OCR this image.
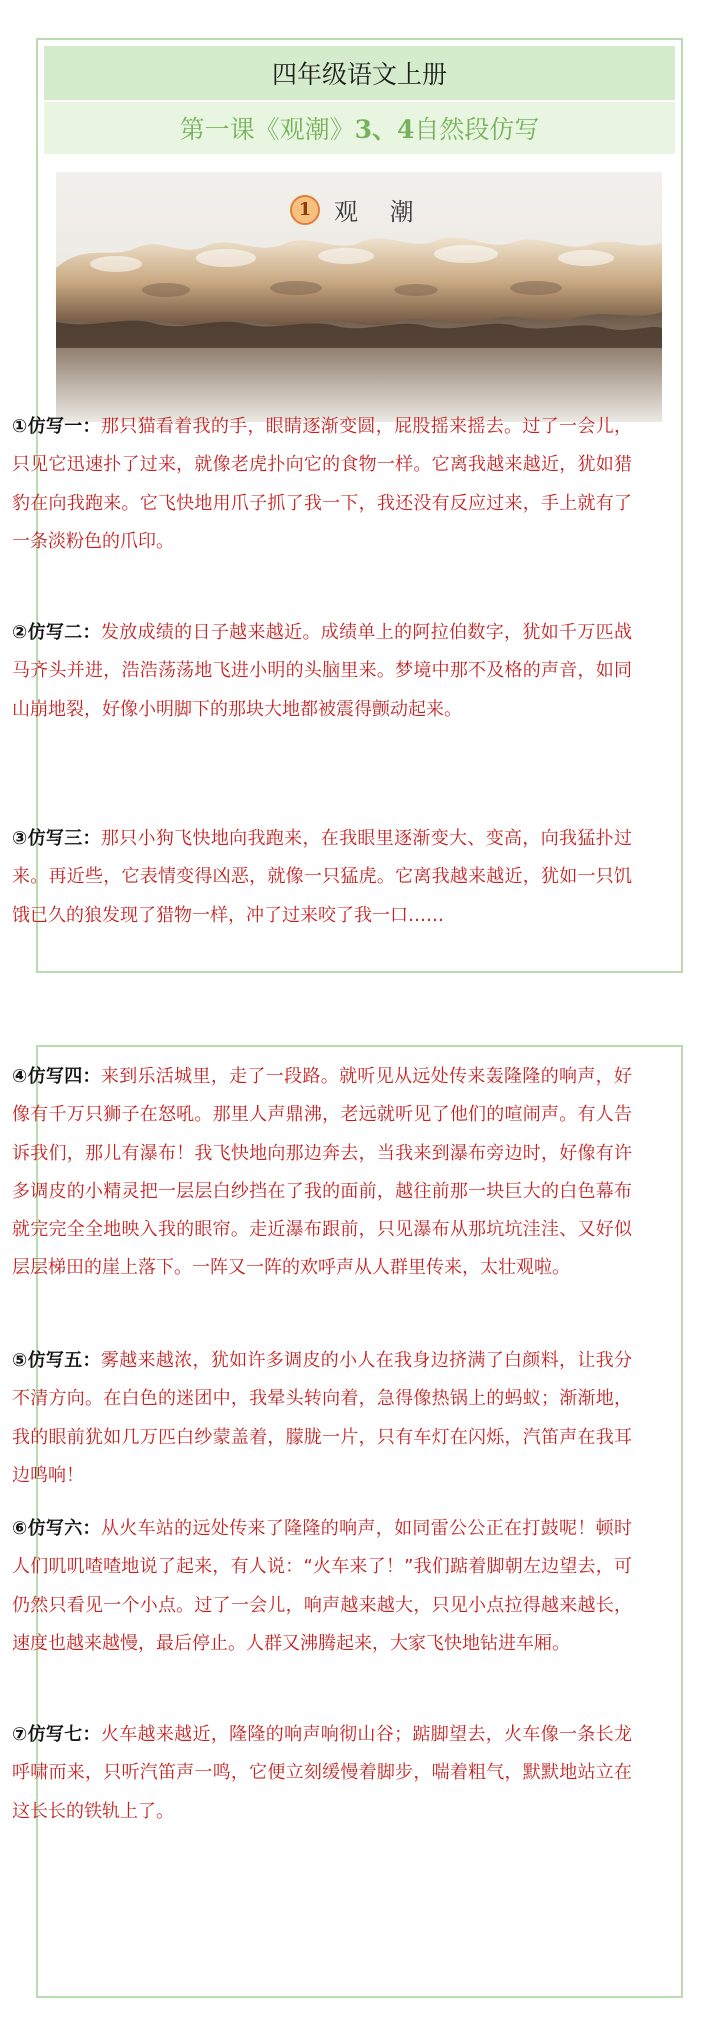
四年级语文上册
第一课《观潮》 3、4 自然段仿写
1 观 潮
①仿写一：那只猫看着我的手，眼睛逐渐变圆，屁股摇来摇去。过了一会儿，只见它迅速扑了过来，就像老虎扑向它的食物一样。它离我越来越近，犹如猎豹在向我跑来。它飞快地用爪子抓了我一下，我还没有反应过来，手上就有了一条淡粉色的爪印。
②仿写二：发放成绩的日子越来越近。成绩单上的阿拉伯数字，犹如千万匹战马齐头并进，浩浩荡荡地飞进小明的头脑里来。梦境中那不及格的声音，如同山崩地裂，好像小明脚下的那块大地都被震得颤动起来。
③仿写三：那只小狗飞快地向我跑来，在我眼里逐渐变大、变高，向我猛扑过来。再近些，它表情变得凶恶，就像一只猛虎。它离我越来越近，犹如一只饥饿已久的狼发现了猎物一样，冲了过来咬了我一口……
④仿写四：来到乐活城里，走了一段路。就听见从远处传来轰隆隆的响声，好像有千万只狮子在怒吼。那里人声鼎沸，老远就听见了他们的喧闹声。有人告诉我们，那儿有瀑布！我飞快地向那边奔去，当我来到瀑布旁边时，好像有许多调皮的小精灵把一层层白纱挡在了我的面前，越往前那一块巨大的白色幕布就完完全全地映入我的眼帘。走近瀑布跟前，只见瀑布从那坑坑洼洼、又好似层层梯田的崖上落下。一阵又一阵的欢呼声从人群里传来，太壮观啦。
⑤仿写五：雾越来越浓，犹如许多调皮的小人在我身边挤满了白颜料，让我分不清方向。在白色的迷团中，我晕头转向着，急得像热锅上的蚂蚁；渐渐地，我的眼前犹如几万匹白纱蒙盖着，朦胧一片，只有车灯在闪烁，汽笛声在我耳边鸣响！
⑥仿写六：从火车站的远处传来了隆隆的响声，如同雷公公正在打鼓呢！顿时人们叽叽喳喳地说了起来，有人说：“火车来了！”我们踮着脚朝左边望去，可仍然只看见一个小点。过了一会儿，响声越来越大，只见小点拉得越来越长，速度也越来越慢，最后停止。人群又沸腾起来，大家飞快地钻进车厢。
⑦仿写七：火车越来越近，隆隆的响声响彻山谷；踮脚望去，火车像一条长龙呼啸而来，只听汽笛声一鸣，它便立刻缓慢着脚步，喘着粗气，默默地站立在这长长的铁轨上了。
